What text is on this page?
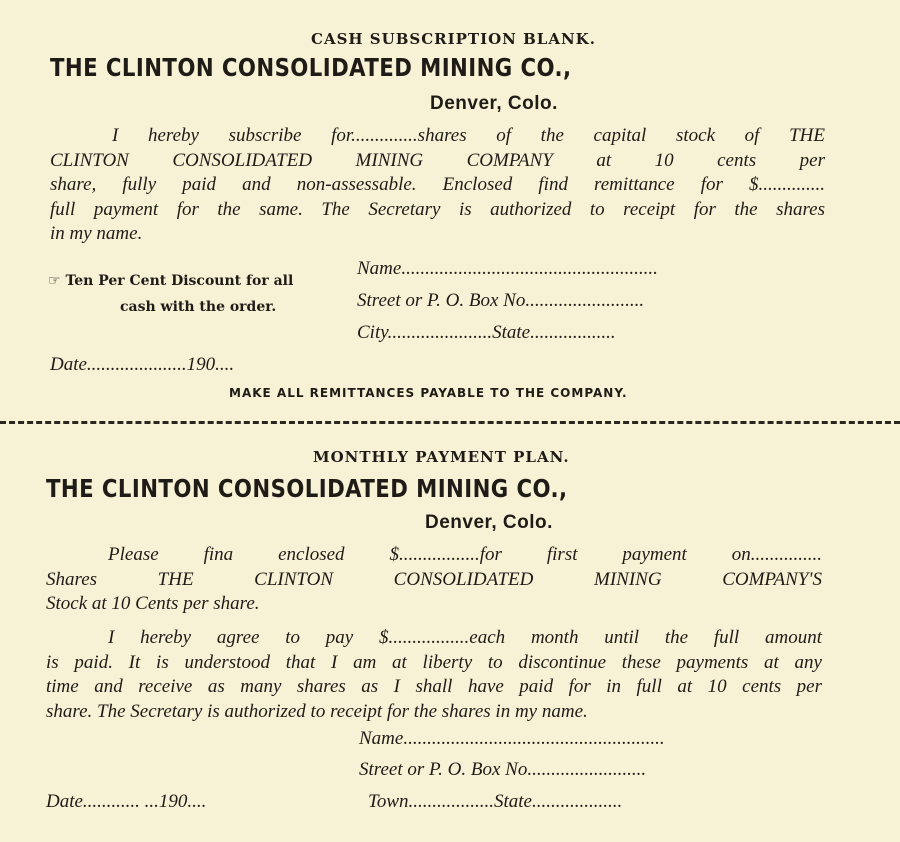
CASH SUBSCRIPTION BLANK.
THE CLINTON CONSOLIDATED MINING CO.,
Denver, Colo.
I hereby subscribe for..............shares of the capital stock of THE
CLINTON CONSOLIDATED MINING COMPANY at 10 cents per
share, fully paid and non-assessable. Enclosed find remittance for $..............
full payment for the same. The Secretary is authorized to receipt for the shares
in my name.
☞ Ten Per Cent Discount for all
cash with the order.
Name......................................................
Street or P. O. Box No.........................
City......................State..................
Date.....................190....
MAKE ALL REMITTANCES PAYABLE TO THE COMPANY.
MONTHLY PAYMENT PLAN.
THE CLINTON CONSOLIDATED MINING CO.,
Denver, Colo.
Please fina enclosed $.................for first payment on...............
Shares THE CLINTON CONSOLIDATED MINING COMPANY'S
Stock at 10 Cents per share.
I hereby agree to pay $.................each month until the full amount
is paid. It is understood that I am at liberty to discontinue these payments at any
time and receive as many shares as I shall have paid for in full at 10 cents per
share. The Secretary is authorized to receipt for the shares in my name.
Name.......................................................
Street or P. O. Box No.........................
Date............ ...190....	Town..................State...................
